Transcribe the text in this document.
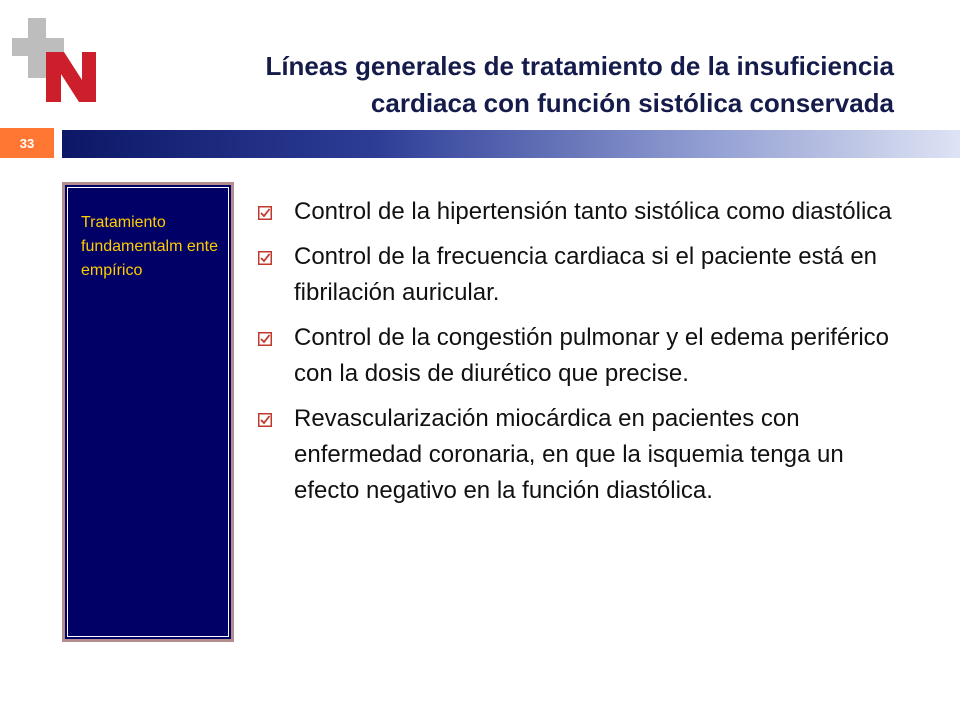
Líneas generales de tratamiento de la insuficiencia
cardiaca con función sistólica conservada
33
Tratamiento fundamentalm ente empírico
Control de la hipertensión tanto sistólica como diastólica
Control de la frecuencia cardiaca si el paciente está en fibrilación auricular.
Control de la congestión pulmonar y el edema periférico con la dosis de diurético que precise.
Revascularización miocárdica en pacientes con enfermedad coronaria, en que la isquemia tenga un efecto negativo en la función diastólica.
